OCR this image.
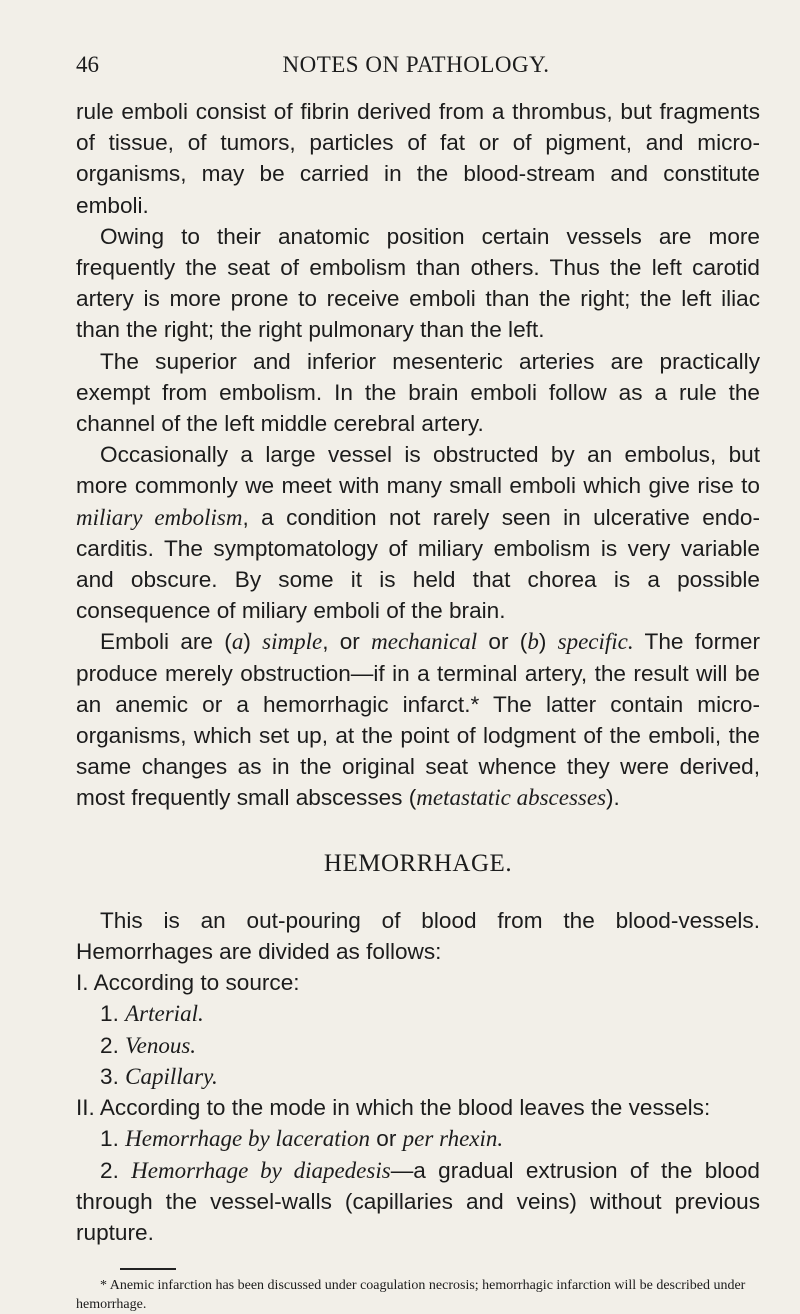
46	NOTES ON PATHOLOGY.

rule emboli consist of fibrin derived from a thrombus, but fragments of tissue, of tumors, particles of fat or of pigment, and micro-organisms, may be carried in the blood-stream and constitute emboli.

Owing to their anatomic position certain vessels are more frequently the seat of embolism than others. Thus the left carotid artery is more prone to receive emboli than the right; the left iliac than the right; the right pulmonary than the left.

The superior and inferior mesenteric arteries are practically exempt from embolism. In the brain emboli follow as a rule the channel of the left middle cerebral artery.

Occasionally a large vessel is obstructed by an embolus, but more commonly we meet with many small emboli which give rise to miliary embolism, a condition not rarely seen in ulcerative endo-carditis. The symptomatology of miliary embolism is very variable and obscure. By some it is held that chorea is a possible consequence of miliary emboli of the brain.

Emboli are (a) simple, or mechanical or (b) specific. The former produce merely obstruction—if in a terminal artery, the result will be an anemic or a hemorrhagic infarct.* The latter contain micro-organisms, which set up, at the point of lodgment of the emboli, the same changes as in the original seat whence they were derived, most frequently small abscesses (metastatic abscesses).

HEMORRHAGE.

This is an out-pouring of blood from the blood-vessels. Hemorrhages are divided as follows:

I. According to source:

1. Arterial.
2. Venous.
3. Capillary.

II. According to the mode in which the blood leaves the vessels:

1. Hemorrhage by laceration or per rhexin.

2. Hemorrhage by diapedesis—a gradual extrusion of the blood through the vessel-walls (capillaries and veins) without previous rupture.

* Anemic infarction has been discussed under coagulation necrosis; hemorrhagic infarction will be described under hemorrhage.
